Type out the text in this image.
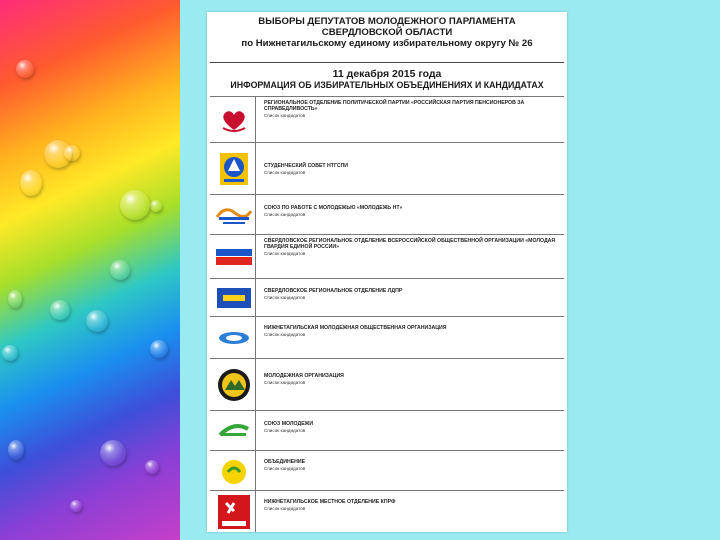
ВЫБОРЫ ДЕПУТАТОВ МОЛОДЕЖНОГО ПАРЛАМЕНТА
СВЕРДЛОВСКОЙ ОБЛАСТИ
по Нижнетагильскому единому избирательному округу № 26
11 декабря 2015 года
ИНФОРМАЦИЯ ОБ ИЗБИРАТЕЛЬНЫХ ОБЪЕДИНЕНИЯХ И КАНДИДАТАХ
РЕГИОНАЛЬНОЕ ОТДЕЛЕНИЕ ПОЛИТИЧЕСКОЙ ПАРТИИ «РОССИЙСКАЯ ПАРТИЯ ПЕНСИОНЕРОВ ЗА СПРАВЕДЛИВОСТЬ»
Список кандидатов
СТУДЕНЧЕСКИЙ СОВЕТ НТГСПИ
Список кандидатов
СОЮЗ ПО РАБОТЕ С МОЛОДЕЖЬЮ «МОЛОДЕЖЬ НТ»
Список кандидатов
СВЕРДЛОВСКОЕ РЕГИОНАЛЬНОЕ ОТДЕЛЕНИЕ ВСЕРОССИЙСКОЙ ОБЩЕСТВЕННОЙ ОРГАНИЗАЦИИ «МОЛОДАЯ ГВАРДИЯ ЕДИНОЙ РОССИИ»
Список кандидатов
СВЕРДЛОВСКОЕ РЕГИОНАЛЬНОЕ ОТДЕЛЕНИЕ ЛДПР
Список кандидатов
НИЖНЕТАГИЛЬСКАЯ МОЛОДЕЖНАЯ ОБЩЕСТВЕННАЯ ОРГАНИЗАЦИЯ
Список кандидатов
МОЛОДЕЖНАЯ ОРГАНИЗАЦИЯ
Список кандидатов
СОЮЗ МОЛОДЕЖИ
Список кандидатов
ОБЪЕДИНЕНИЕ
Список кандидатов
НИЖНЕТАГИЛЬСКОЕ МЕСТНОЕ ОТДЕЛЕНИЕ КПРФ
Список кандидатов
